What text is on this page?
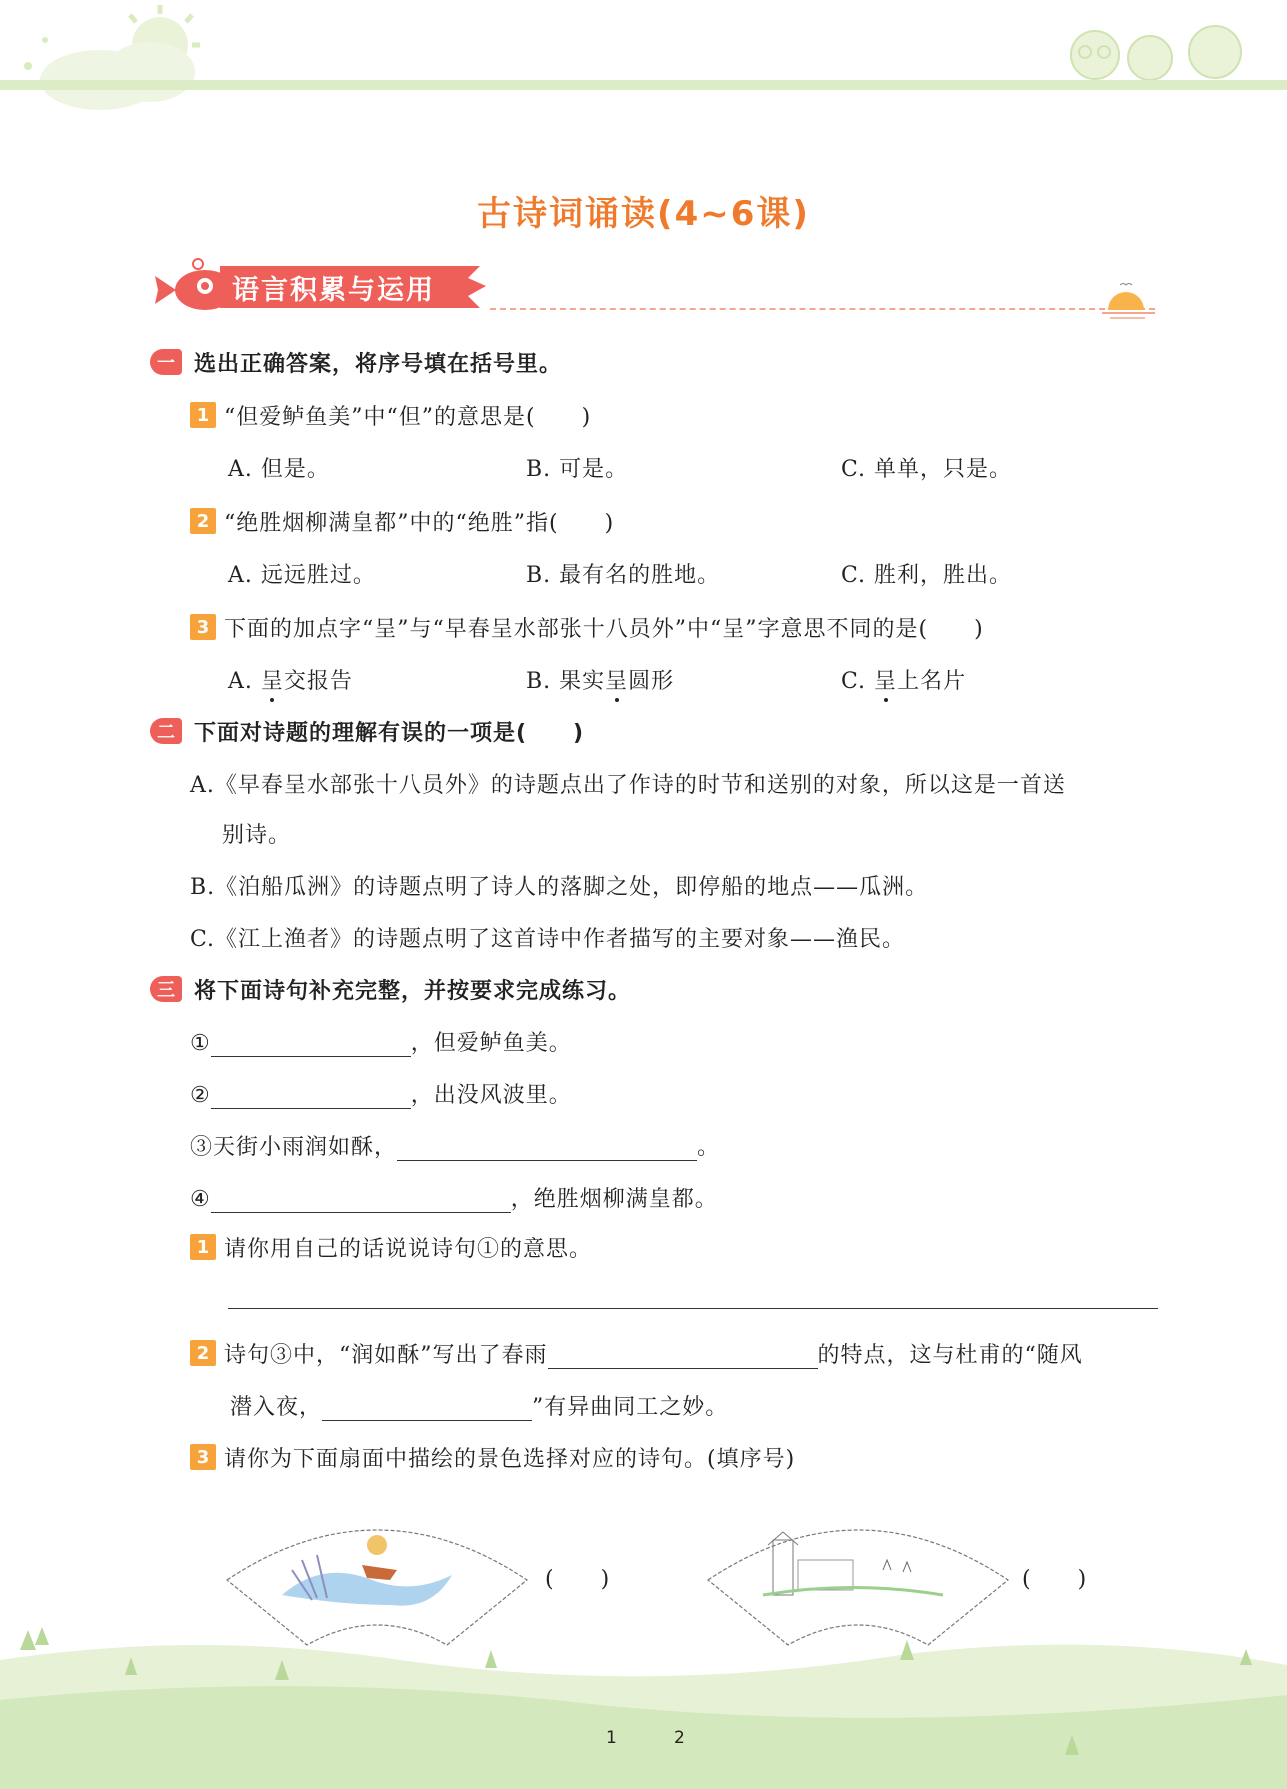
古诗词诵读(4~6课)
语言积累与运用
一 选出正确答案，将序号填在括号里。
1 “但爱鲈鱼美”中“但”的意思是(　　)
A. 但是。	B. 可是。	C. 单单，只是。
2 “绝胜烟柳满皇都”中的“绝胜”指(　　)
A. 远远胜过。	B. 最有名的胜地。	C. 胜利，胜出。
3 下面的加点字“呈”与“早春呈水部张十八员外”中“呈”字意思不同的是(　　)
A. 呈交报告	B. 果实呈圆形	C. 呈上名片
二 下面对诗题的理解有误的一项是(　　)
A.《早春呈水部张十八员外》的诗题点出了作诗的时节和送别的对象，所以这是一首送
别诗。
B.《泊船瓜洲》的诗题点明了诗人的落脚之处，即停船的地点——瓜洲。
C.《江上渔者》的诗题点明了这首诗中作者描写的主要对象——渔民。
三 将下面诗句补充完整，并按要求完成练习。
①	，但爱鲈鱼美。
②	，出没风波里。
③天街小雨润如酥，	。
④	，绝胜烟柳满皇都。
1 请你用自己的话说说诗句①的意思。
2 诗句③中，“润如酥”写出了春雨	的特点，这与杜甫的“随风
潜入夜，	”有异曲同工之妙。
3 请你为下面扇面中描绘的景色选择对应的诗句。(填序号)
(　　)	(　　)
1	2
